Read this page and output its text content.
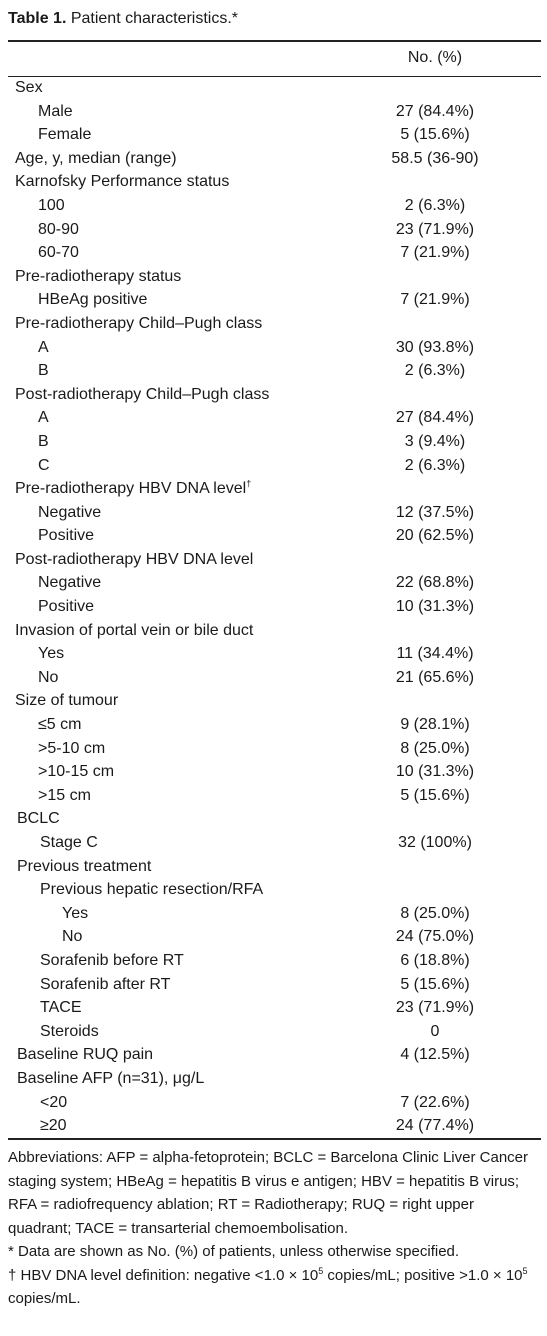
Table 1. Patient characteristics.*
No. (%)
Sex
Male	27 (84.4%)
Female	5 (15.6%)
Age, y, median (range)	58.5 (36-90)
Karnofsky Performance status
100	2 (6.3%)
80-90	23 (71.9%)
60-70	7 (21.9%)
Pre-radiotherapy status
HBeAg positive	7 (21.9%)
Pre-radiotherapy Child–Pugh class
A	30 (93.8%)
B	2 (6.3%)
Post-radiotherapy Child–Pugh class
A	27 (84.4%)
B	3 (9.4%)
C	2 (6.3%)
Pre-radiotherapy HBV DNA level†
Negative	12 (37.5%)
Positive	20 (62.5%)
Post-radiotherapy HBV DNA level
Negative	22 (68.8%)
Positive	10 (31.3%)
Invasion of portal vein or bile duct
Yes	11 (34.4%)
No	21 (65.6%)
Size of tumour
≤5 cm	9 (28.1%)
>5-10 cm	8 (25.0%)
>10-15 cm	10 (31.3%)
>15 cm	5 (15.6%)
BCLC
Stage C	32 (100%)
Previous treatment
Previous hepatic resection/RFA
Yes	8 (25.0%)
No	24 (75.0%)
Sorafenib before RT	6 (18.8%)
Sorafenib after RT	5 (15.6%)
TACE	23 (71.9%)
Steroids	0
Baseline RUQ pain	4 (12.5%)
Baseline AFP (n=31), μg/L
<20	7 (22.6%)
≥20	24 (77.4%)

Abbreviations: AFP = alpha-fetoprotein; BCLC = Barcelona Clinic Liver Cancer staging system; HBeAg = hepatitis B virus e antigen; HBV = hepatitis B virus; RFA = radiofrequency ablation; RT = Radiotherapy; RUQ = right upper quadrant; TACE = transarterial chemoembolisation.

* Data are shown as No. (%) of patients, unless otherwise specified.

† HBV DNA level definition: negative $<1.0 \times 10^5$ copies/mL; positive $>1.0 \times 10^5$ copies/mL.
